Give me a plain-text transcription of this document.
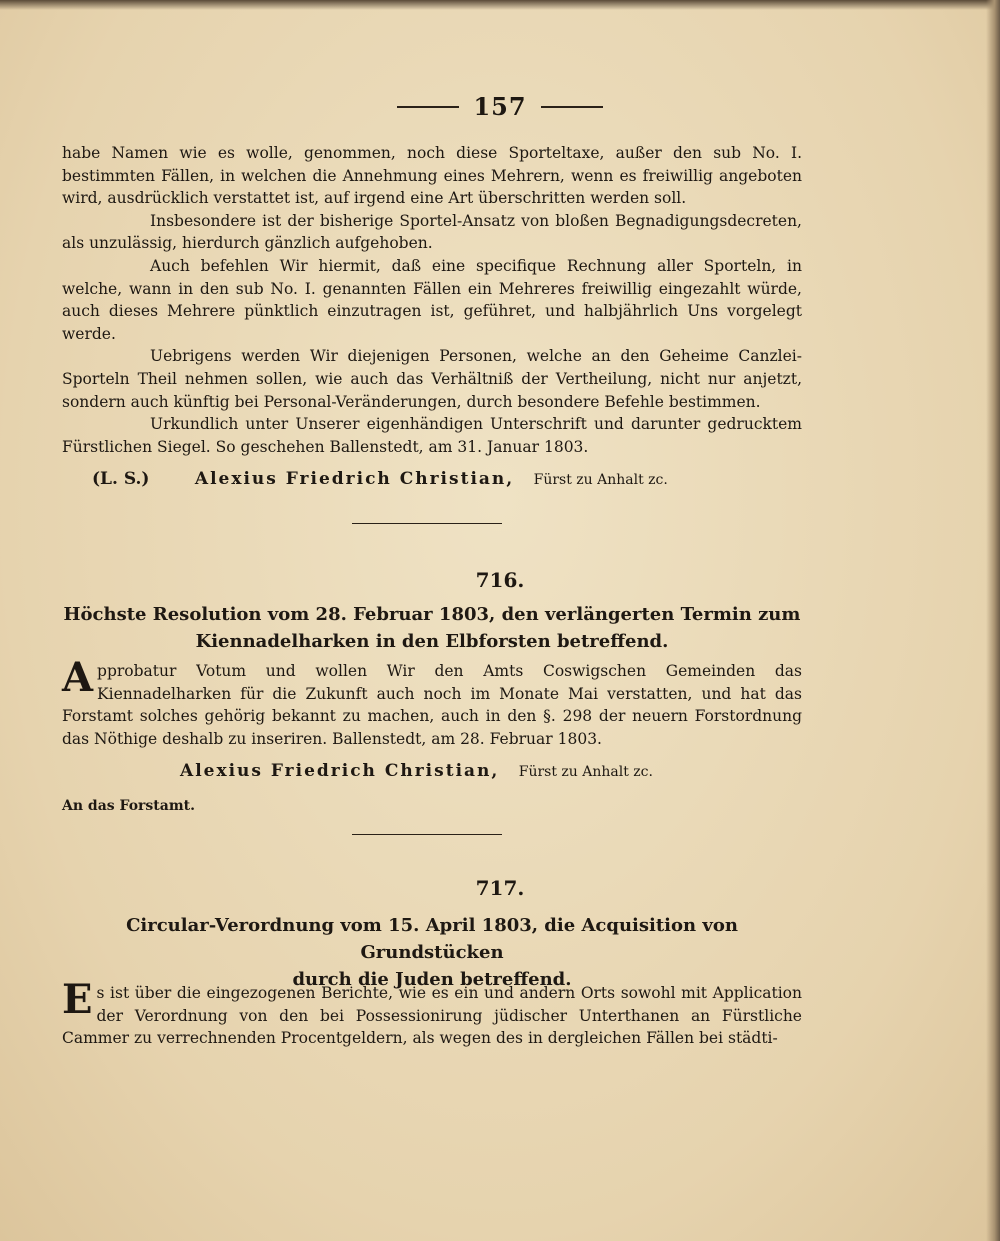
157

habe Namen wie es wolle, genommen, noch diese Sporteltaxe, außer den sub No. I. bestimmten Fällen, in welchen die Annehmung eines Mehrern, wenn es freiwillig angeboten wird, ausdrücklich verstattet ist, auf irgend eine Art überschritten werden soll.

Insbesondere ist der bisherige Sportel-Ansatz von bloßen Begnadigungsdecreten, als unzulässig, hierdurch gänzlich aufgehoben.

Auch befehlen Wir hiermit, daß eine specifique Rechnung aller Sporteln, in welche, wann in den sub No. I. genannten Fällen ein Mehreres freiwillig eingezahlt würde, auch dieses Mehrere pünktlich einzutragen ist, geführet, und halbjährlich Uns vorgelegt werde.

Uebrigens werden Wir diejenigen Personen, welche an den Geheime Canzlei-Sporteln Theil nehmen sollen, wie auch das Verhältniß der Vertheilung, nicht nur anjetzt, sondern auch künftig bei Personal-Veränderungen, durch besondere Befehle bestimmen.

Urkundlich unter Unserer eigenhändigen Unterschrift und darunter gedrucktem Fürstlichen Siegel. So geschehen Ballenstedt, am 31. Januar 1803.

(L. S.)	Alexius Friedrich Christian, Fürst zu Anhalt zc.
716.
Höchste Resolution vom 28. Februar 1803, den verlängerten Termin zum
Kiennadelharken in den Elbforsten betreffend.

A pprobatur Votum und wollen Wir den Amts Coswigschen Gemeinden das Kiennadelharken für die Zukunft auch noch im Monate Mai verstatten, und hat das Forstamt solches gehörig bekannt zu machen, auch in den §. 298 der neuern Forstordnung das Nöthige deshalb zu inseriren. Ballenstedt, am 28. Februar 1803.

Alexius Friedrich Christian, Fürst zu Anhalt zc.
An das Forstamt.
717.
Circular-Verordnung vom 15. April 1803, die Acquisition von Grundstücken
durch die Juden betreffend.

E s ist über die eingezogenen Berichte, wie es ein und andern Orts sowohl mit Application der Verordnung von den bei Possessionirung jüdischer Unterthanen an Fürstliche Cammer zu verrechnenden Procentgeldern, als wegen des in dergleichen Fällen bei städti-
